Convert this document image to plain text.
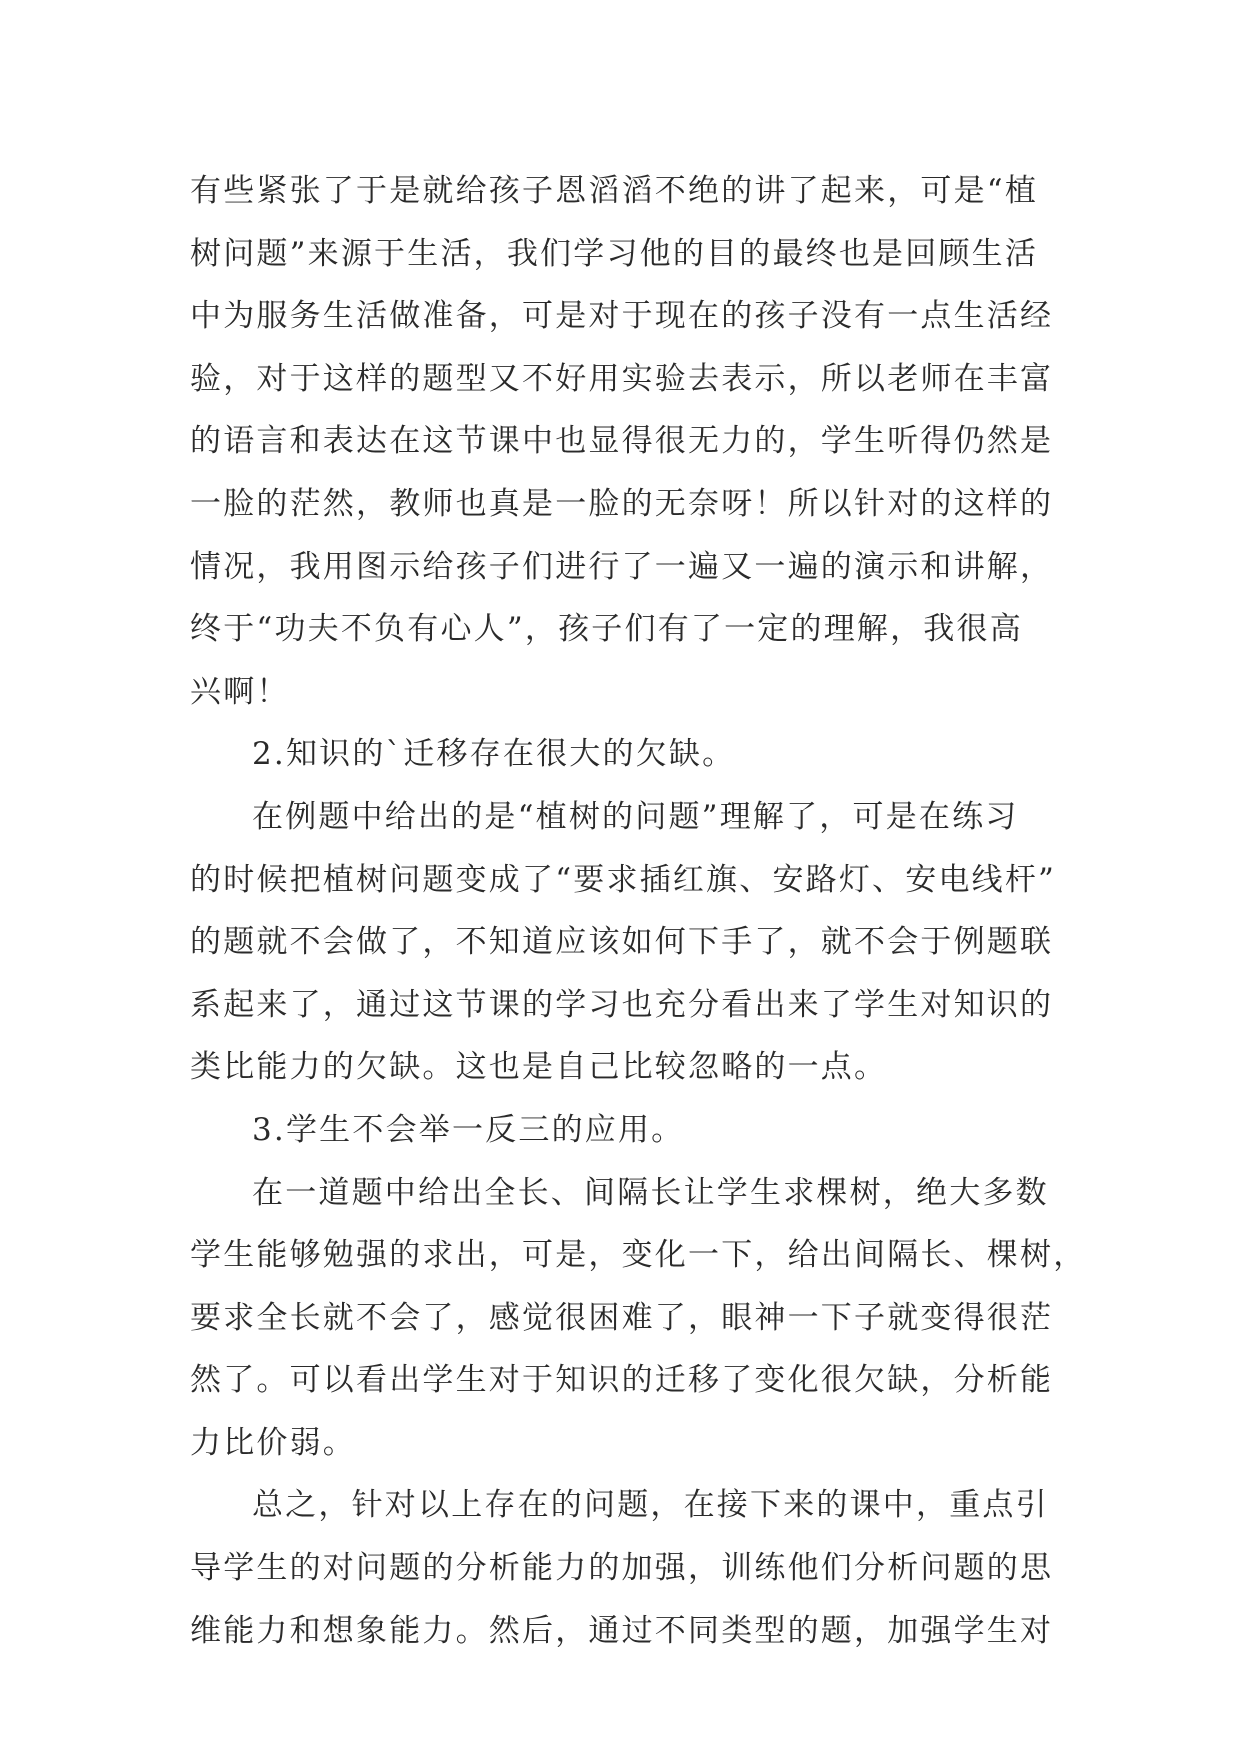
有些紧张了于是就给孩子恩滔滔不绝的讲了起来，可是“植
树问题”来源于生活，我们学习他的目的最终也是回顾生活
中为服务生活做准备，可是对于现在的孩子没有一点生活经
验，对于这样的题型又不好用实验去表示，所以老师在丰富
的语言和表达在这节课中也显得很无力的，学生听得仍然是
一脸的茫然，教师也真是一脸的无奈呀！所以针对的这样的
情况，我用图示给孩子们进行了一遍又一遍的演示和讲解，
终于“功夫不负有心人”，孩子们有了一定的理解，我很高
兴啊！

2.知识的`迁移存在很大的欠缺。

在例题中给出的是“植树的问题”理解了，可是在练习

的时候把植树问题变成了“要求插红旗、安路灯、安电线杆”
的题就不会做了，不知道应该如何下手了，就不会于例题联
系起来了，通过这节课的学习也充分看出来了学生对知识的
类比能力的欠缺。这也是自己比较忽略的一点。

3.学生不会举一反三的应用。

在一道题中给出全长、间隔长让学生求棵树，绝大多数

学生能够勉强的求出，可是，变化一下，给出间隔长、棵树，
要求全长就不会了，感觉很困难了，眼神一下子就变得很茫
然了。可以看出学生对于知识的迁移了变化很欠缺，分析能
力比价弱。

总之，针对以上存在的问题，在接下来的课中，重点引

导学生的对问题的分析能力的加强，训练他们分析问题的思
维能力和想象能力。然后，通过不同类型的题，加强学生对
